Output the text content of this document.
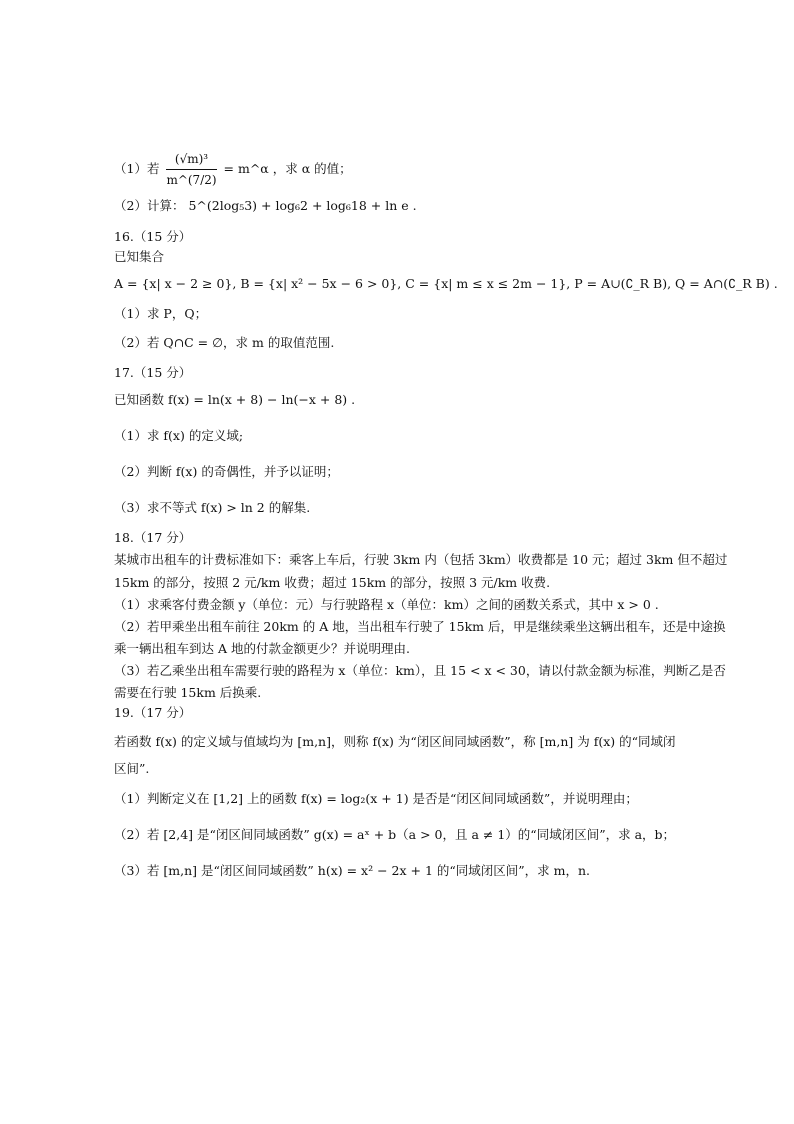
（1）若 $\frac{\text{(√m)³}}{m\^{}(7/2)}$ = m^α ，求 α 的值；
（2）计算： 5^(2log₅3) + log₆2 + log₆18 + ln e .
16.（15 分）
已知集合
A = {x| x − 2 ≥ 0}, B = {x| x² − 5x − 6 > 0}, C = {x| m ≤ x ≤ 2m − 1}, P = A∪(∁_R B), Q = A∩(∁_R B) .
（1）求 P，Q；
（2）若 Q∩C = ∅，求 m 的取值范围.
17.（15 分）
已知函数 f(x) = ln(x + 8) − ln(−x + 8) .
（1）求 f(x) 的定义域;
（2）判断 f(x) 的奇偶性，并予以证明；
（3）求不等式 f(x) > ln 2 的解集.
18.（17 分）
某城市出租车的计费标准如下：乘客上车后，行驶 3km 内（包括 3km）收费都是 10 元；超过 3km 但不超过
15km 的部分，按照 2 元/km 收费；超过 15km 的部分，按照 3 元/km 收费.
（1）求乘客付费金额 y（单位：元）与行驶路程 x（单位：km）之间的函数关系式，其中 x > 0 .
（2）若甲乘坐出租车前往 20km 的 A 地，当出租车行驶了 15km 后，甲是继续乘坐这辆出租车，还是中途换
乘一辆出租车到达 A 地的付款金额更少？并说明理由.
（3）若乙乘坐出租车需要行驶的路程为 x（单位：km），且 15 < x < 30，请以付款金额为标准，判断乙是否
需要在行驶 15km 后换乘.
19.（17 分）
若函数 f(x) 的定义域与值域均为 [m,n]，则称 f(x) 为“闭区间同域函数”，称 [m,n] 为 f(x) 的“同域闭
区间”.
（1）判断定义在 [1,2] 上的函数 f(x) = log₂(x + 1) 是否是“闭区间同域函数”，并说明理由；
（2）若 [2,4] 是“闭区间同域函数” g(x) = aˣ + b（a > 0，且 a ≠ 1）的“同域闭区间”，求 a，b；
（3）若 [m,n] 是“闭区间同域函数” h(x) = x² − 2x + 1 的“同域闭区间”，求 m，n.
